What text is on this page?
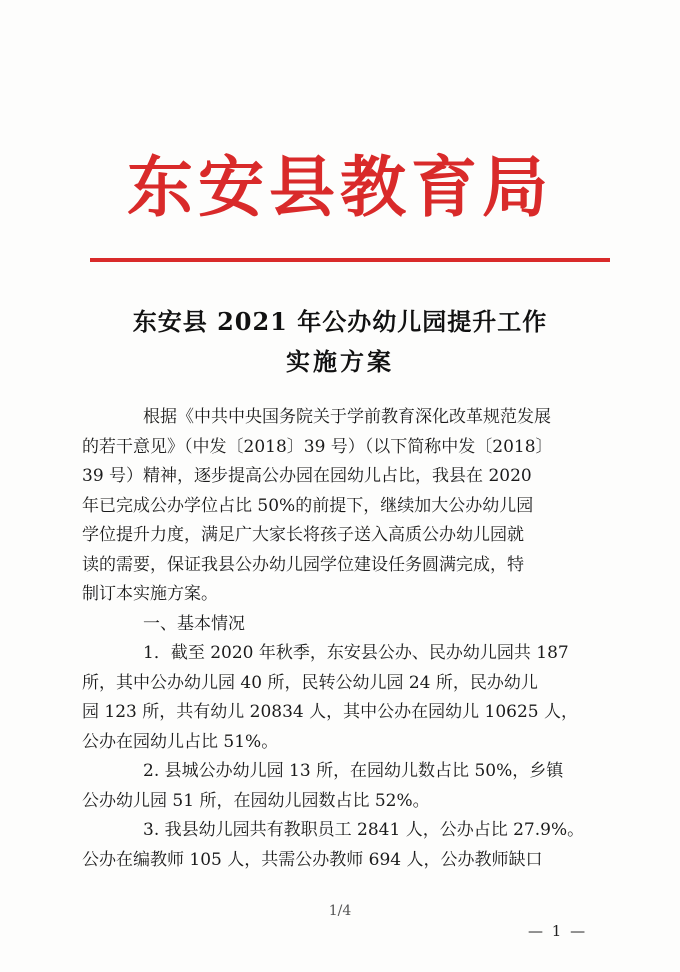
东安县教育局
东安县 2021 年公办幼儿园提升工作
实施方案
　　根据《中共中央国务院关于学前教育深化改革规范发展
的若干意见》（中发〔2018〕39 号）（以下简称中发〔2018〕
39 号）精神，逐步提高公办园在园幼儿占比，我县在 2020
年已完成公办学位占比 50%的前提下，继续加大公办幼儿园
学位提升力度，满足广大家长将孩子送入高质公办幼儿园就
读的需要，保证我县公办幼儿园学位建设任务圆满完成，特
制订本实施方案。
　　一、基本情况
　　1．截至 2020 年秋季，东安县公办、民办幼儿园共 187
所，其中公办幼儿园 40 所，民转公幼儿园 24 所，民办幼儿
园 123 所，共有幼儿 20834 人，其中公办在园幼儿 10625 人，
公办在园幼儿占比 51%。
　　2. 县城公办幼儿园 13 所，在园幼儿数占比 50%，乡镇
公办幼儿园 51 所，在园幼儿园数占比 52%。
　　3. 我县幼儿园共有教职员工 2841 人，公办占比 27.9%。
公办在编教师 105 人，共需公办教师 694 人，公办教师缺口
1/4
— 1 —
